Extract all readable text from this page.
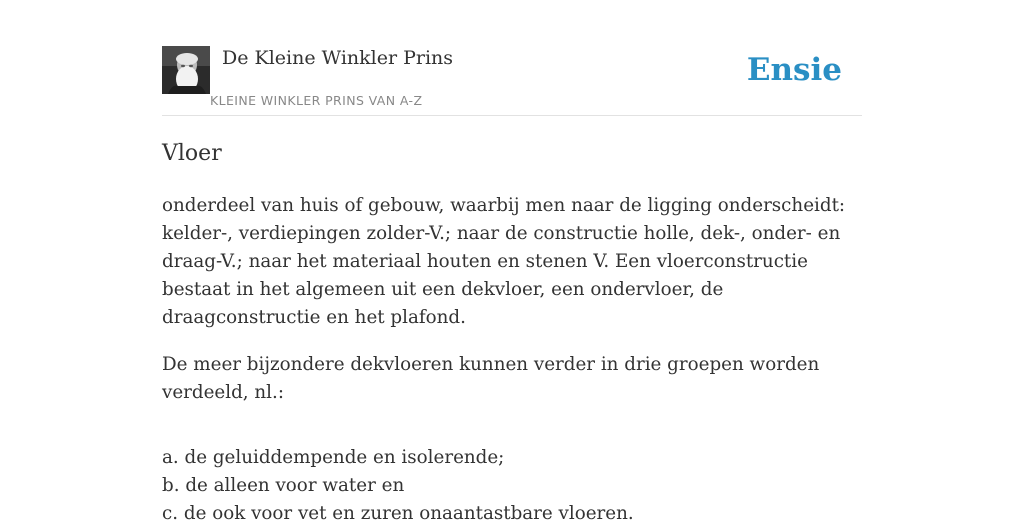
De Kleine Winkler Prins
KLEINE WINKLER PRINS VAN A-Z
Ensie
Vloer

onderdeel van huis of gebouw, waarbij men naar de ligging onderscheidt: kelder-, verdiepingen zolder-V.; naar de constructie holle, dek-, onder- en draag-V.; naar het materiaal houten en stenen V. Een vloerconstructie bestaat in het algemeen uit een dekvloer, een ondervloer, de draagconstructie en het plafond.

De meer bijzondere dekvloeren kunnen verder in drie groepen worden verdeeld, nl.:

a. de geluiddempende en isolerende;
b. de alleen voor water en
c. de ook voor vet en zuren onaantastbare vloeren.
